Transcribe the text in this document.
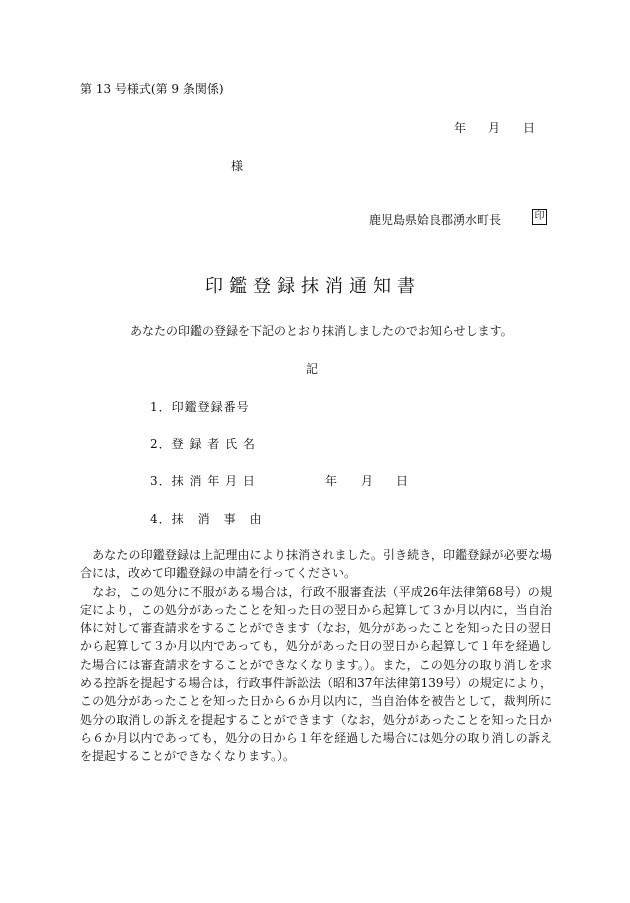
第 13 号様式(第 9 条関係)
年 月 日
様
鹿児島県姶良郡湧水町長	印
印鑑登録抹消通知書
あなたの印鑑の登録を下記のとおり抹消しましたのでお知らせします。
記
1．印鑑登録番号
2．登 録 者 氏 名
3．抹 消 年 月 日	年 月 日
4．抹　消　事　由

　あなたの印鑑登録は上記理由により抹消されました。引き続き，印鑑登録が必要な場合には，改めて印鑑登録の申請を行ってください。

　なお，この処分に不服がある場合は，行政不服審査法（平成26年法律第68号）の規定により，この処分があったことを知った日の翌日から起算して３か月以内に，当自治体に対して審査請求をすることができます（なお，処分があったことを知った日の翌日から起算して３か月以内であっても，処分があった日の翌日から起算して１年を経過した場合には審査請求をすることができなくなります。）。また，この処分の取り消しを求める控訴を提起する場合は，行政事件訴訟法（昭和37年法律第139号）の規定により，この処分があったことを知った日から６か月以内に，当自治体を被告として，裁判所に処分の取消しの訴えを提起することができます（なお，処分があったことを知った日から６か月以内であっても，処分の日から１年を経過した場合には処分の取り消しの訴えを提起することができなくなります。）。
